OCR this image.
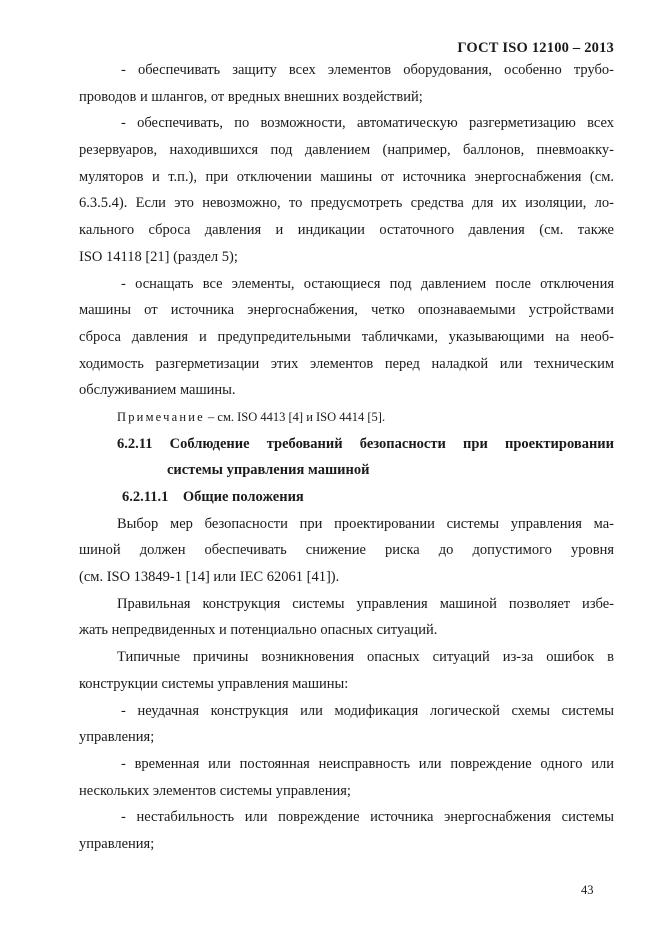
ГОСТ ISO 12100 – 2013
- обеспечивать защиту всех элементов оборудования, особенно трубо-
проводов и шлангов, от вредных внешних воздействий;
- обеспечивать, по возможности, автоматическую разгерметизацию всех
резервуаров, находившихся под давлением (например, баллонов, пневмоакку-
муляторов и т.п.), при отключении машины от источника энергоснабжения (см.
6.3.5.4). Если это невозможно, то предусмотреть средства для их изоляции, ло-
кального сброса давления и индикации остаточного давления (см. также
ISO 14118 [21] (раздел 5);
- оснащать все элементы, остающиеся под давлением после отключения
машины от источника энергоснабжения, четко опознаваемыми устройствами
сброса давления и предупредительными табличками, указывающими на необ-
ходимость разгерметизации этих элементов перед наладкой или техническим
обслуживанием машины.
Примечание – см. ISO 4413 [4] и ISO 4414 [5].
6.2.11 Соблюдение требований безопасности при проектировании
системы управления машиной
6.2.11.1 Общие положения
Выбор мер безопасности при проектировании системы управления ма-
шиной должен обеспечивать снижение риска до допустимого уровня
(см. ISO 13849-1 [14] или IEC 62061 [41]).
Правильная конструкция системы управления машиной позволяет избе-
жать непредвиденных и потенциально опасных ситуаций.
Типичные причины возникновения опасных ситуаций из-за ошибок в
конструкции системы управления машины:
- неудачная конструкция или модификация логической схемы системы
управления;
- временная или постоянная неисправность или повреждение одного или
нескольких элементов системы управления;
- нестабильность или повреждение источника энергоснабжения системы
управления;
43
